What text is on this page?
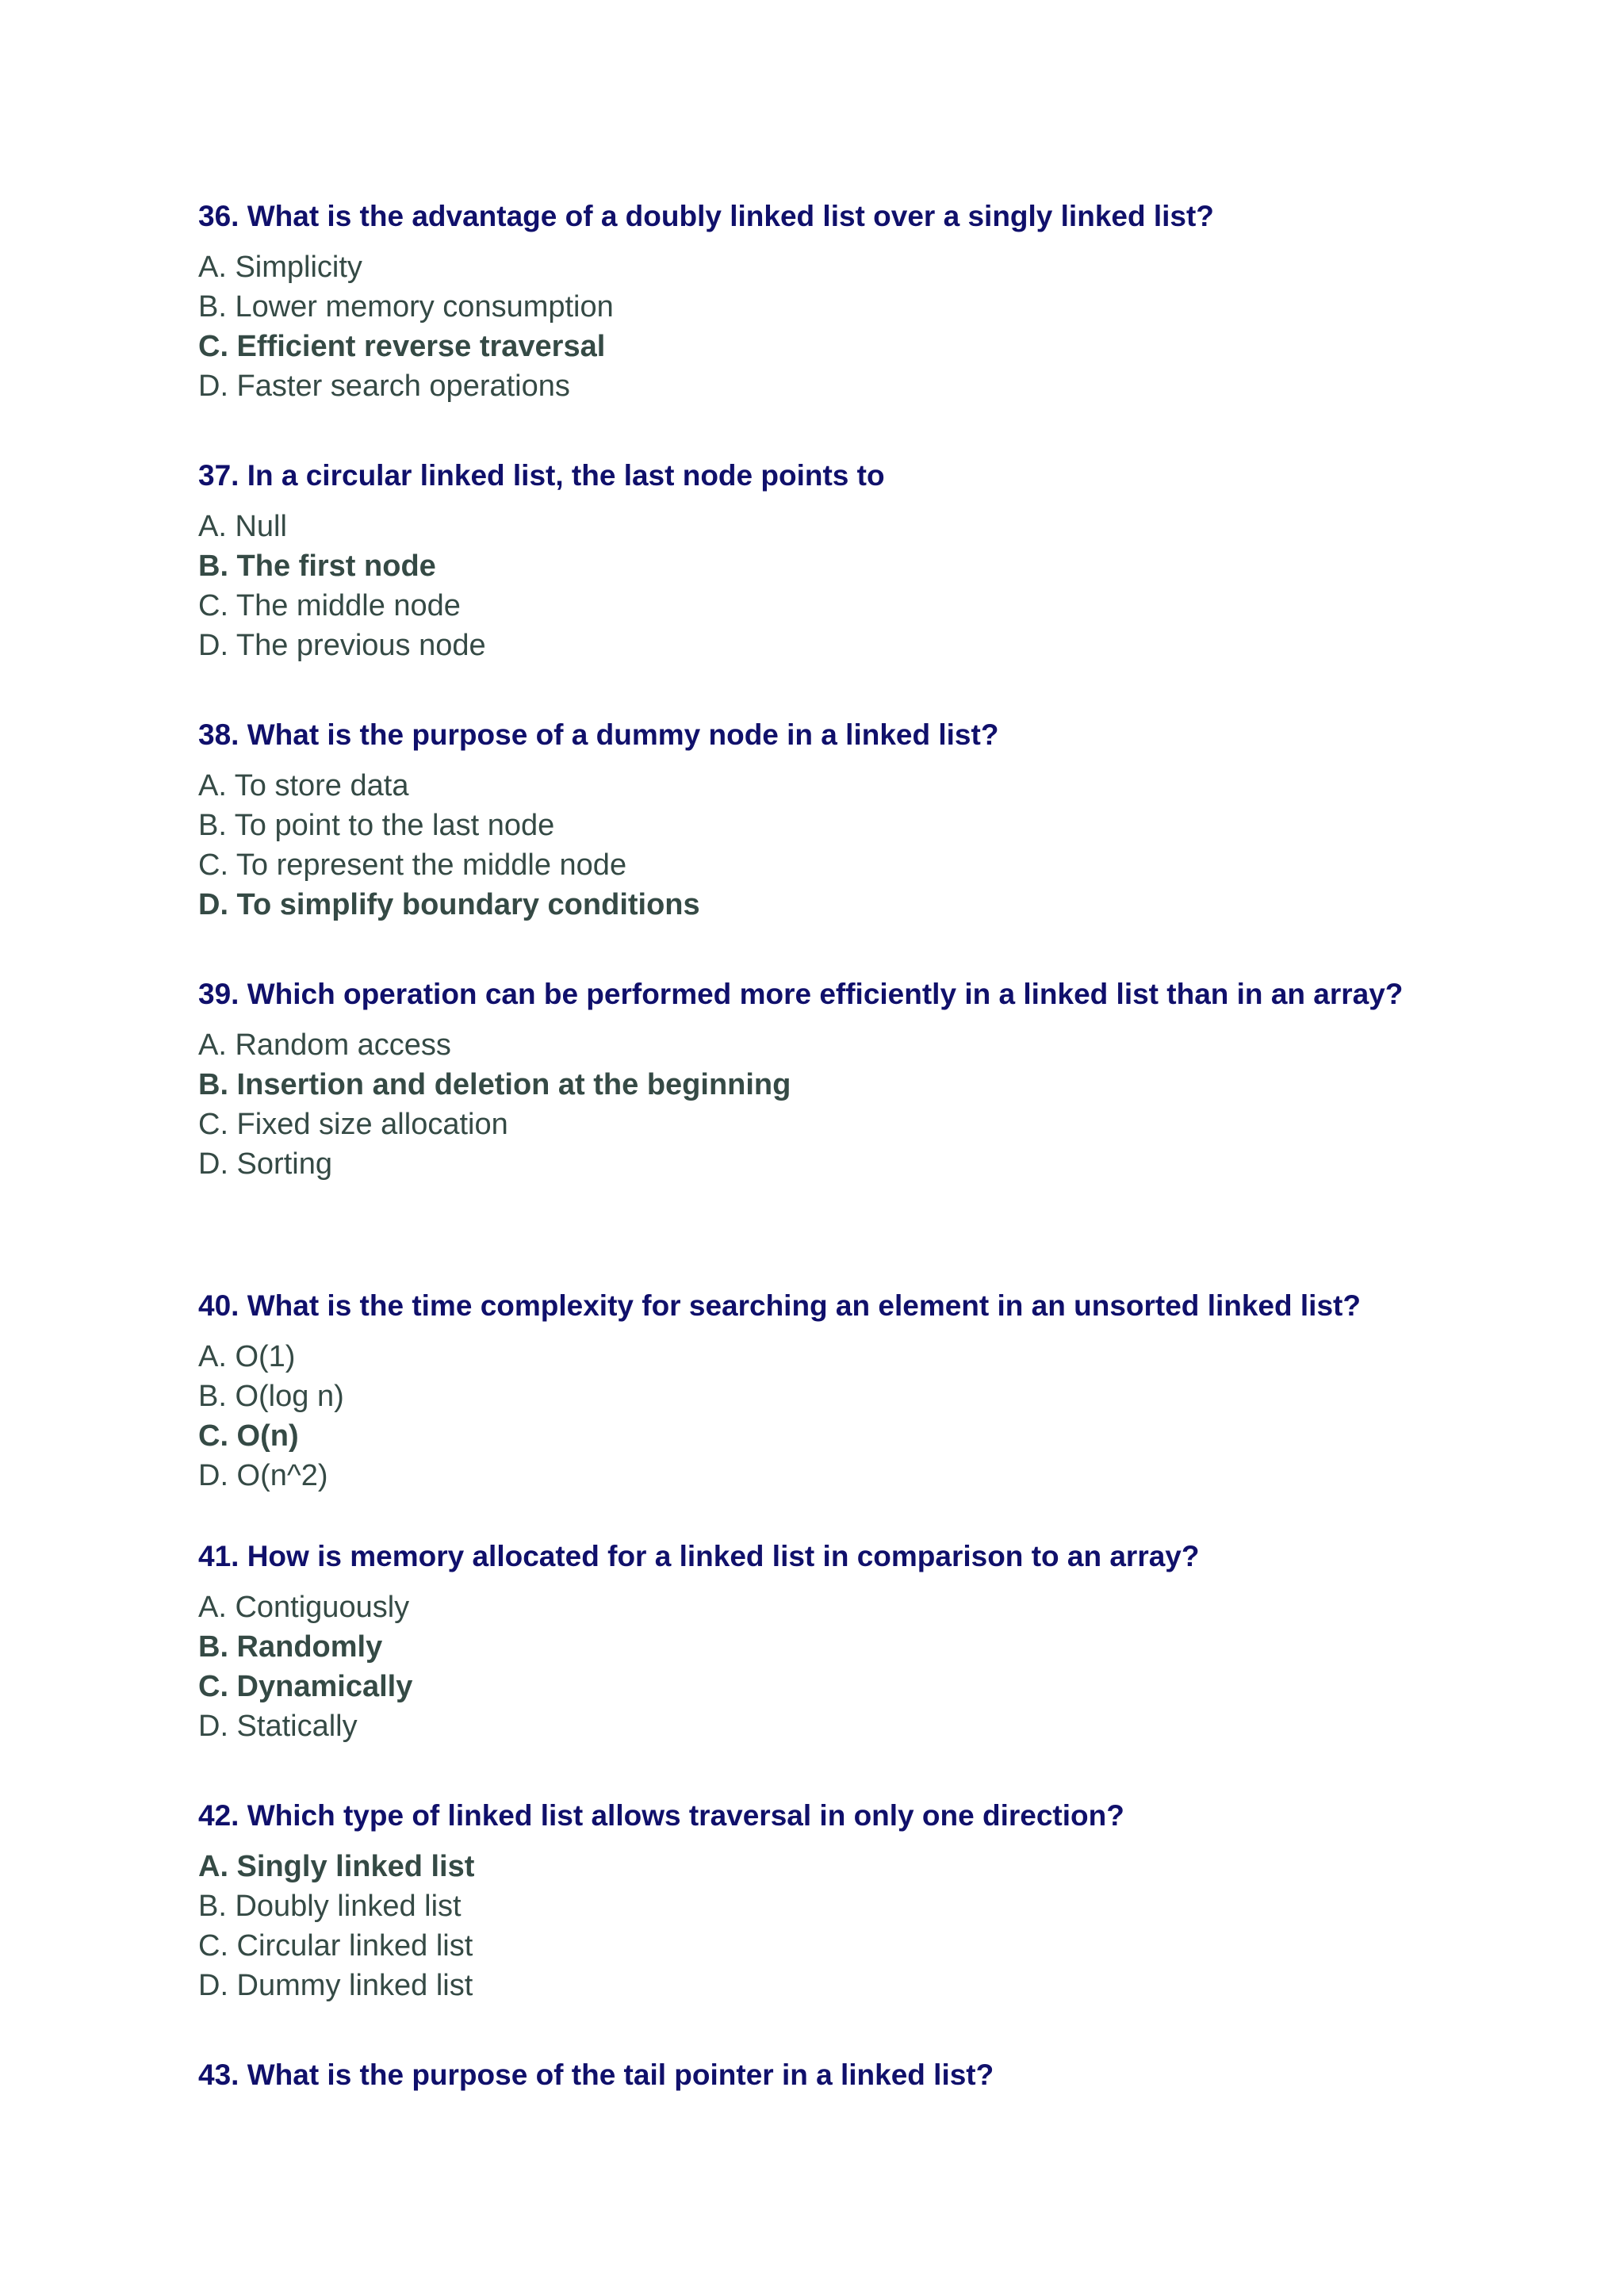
36. What is the advantage of a doubly linked list over a singly linked list?

A. Simplicity

B. Lower memory consumption

C. Efficient reverse traversal

D. Faster search operations

37. In a circular linked list, the last node points to

A. Null

B. The first node

C. The middle node

D. The previous node

38. What is the purpose of a dummy node in a linked list?

A. To store data

B. To point to the last node

C. To represent the middle node

D. To simplify boundary conditions

39. Which operation can be performed more efficiently in a linked list than in an array?

A. Random access

B. Insertion and deletion at the beginning

C. Fixed size allocation

D. Sorting

40. What is the time complexity for searching an element in an unsorted linked list?

A. O(1)

B. O(log n)

C. O(n)

D. O(n^2)

41. How is memory allocated for a linked list in comparison to an array?

A. Contiguously

B. Randomly

C. Dynamically

D. Statically

42. Which type of linked list allows traversal in only one direction?

A. Singly linked list

B. Doubly linked list

C. Circular linked list

D. Dummy linked list

43. What is the purpose of the tail pointer in a linked list?
